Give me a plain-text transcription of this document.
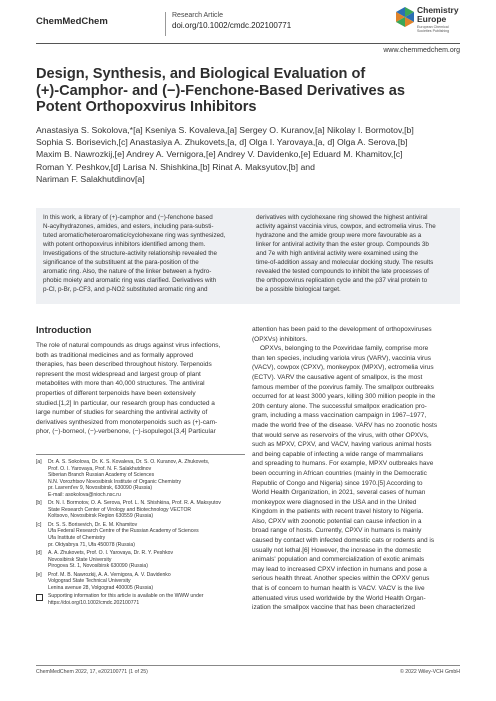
ChemMedChem
Research Article
doi.org/10.1002/cmdc.202100771
Chemistry
Europe
European Chemical
Societies Publishing
www.chemmedchem.org
Design, Synthesis, and Biological Evaluation of
(+)-Camphor- and (−)-Fenchone-Based Derivatives as
Potent Orthopoxvirus Inhibitors
Anastasiya S. Sokolova,*[a] Kseniya S. Kovaleva,[a] Sergey O. Kuranov,[a] Nikolay I. Bormotov,[b]
Sophia S. Borisevich,[c] Anastasiya A. Zhukovets,[a, d] Olga I. Yarovaya,[a, d] Olga A. Serova,[b]
Maxim B. Nawrozkij,[e] Andrey A. Vernigora,[e] Andrey V. Davidenko,[e] Eduard M. Khamitov,[c]
Roman Y. Peshkov,[d] Larisa N. Shishkina,[b] Rinat A. Maksyutov,[b] and
Nariman F. Salakhutdinov[a]
In this work, a library of (+)-camphor and (−)-fenchone based
N-acylhydrazones, amides, and esters, including para-substi-
tuted aromatic/heteroaromatic/cyclohexane ring was synthesized,
with potent orthopoxvirus inhibitors identified among them.
Investigations of the structure-activity relationship revealed the
significance of the substituent at the para-position of the
aromatic ring. Also, the nature of the linker between a hydro-
phobic moiety and aromatic ring was clarified. Derivatives with
p-Cl, p-Br, p-CF3, and p-NO2 substituted aromatic ring and
derivatives with cyclohexane ring showed the highest antiviral
activity against vaccinia virus, cowpox, and ectromelia virus. The
hydrazone and the amide group were more favourable as a
linker for antiviral activity than the ester group. Compounds 3b
and 7e with high antiviral activity were examined using the
time-of-addition assay and molecular docking study. The results
revealed the tested compounds to inhibit the late processes of
the orthopoxvirus replication cycle and the p37 viral protein to
be a possible biological target.
Introduction
The role of natural compounds as drugs against virus infections,
both as traditional medicines and as formally approved
therapies, has been described throughout history. Terpenoids
represent the most widespread and largest group of plant
metabolites with more than 40,000 structures. The antiviral
properties of different terpenoids have been extensively
studied.[1,2] In particular, our research group has conducted a
large number of studies for searching the antiviral activity of
derivatives synthesized from monoterpenoids such as (+)-cam-
phor, (−)-borneol, (−)-verbenone, (−)-isopulegol.[3,4] Particular
attention has been paid to the development of orthopoxviruses
(OPXVs) inhibitors.
OPXVs, belonging to the Poxviridae family, comprise more
than ten species, including variola virus (VARV), vaccinia virus
(VACV), cowpox (CPXV), monkeypox (MPXV), ectromelia virus
(ECTV). VARV the causative agent of smallpox, is the most
famous member of the poxvirus family. The smallpox outbreaks
occurred for at least 3000 years, killing 300 million people in the
20th century alone. The successful smallpox eradication pro-
gram, including a mass vaccination campaign in 1967–1977,
made the world free of the disease. VARV has no zoonotic hosts
that would serve as reservoirs of the virus, with other OPXVs,
such as MPXV, CPXV, and VACV, having various animal hosts
and being capable of infecting a wide range of mammalians
and spreading to humans. For example, MPXV outbreaks have
been occurring in African countries (mainly in the Democratic
Republic of Congo and Nigeria) since 1970.[5] According to
World Health Organization, in 2021, several cases of human
monkeypox were diagnosed in the USA and in the United
Kingdom in the patients with recent travel history to Nigeria.
Also, CPXV with zoonotic potential can cause infection in a
broad range of hosts. Currently, CPXV in humans is mainly
caused by contact with infected domestic cats or rodents and is
usually not lethal.[6] However, the increase in the domestic
animals' population and commercialization of exotic animals
may lead to increased CPXV infection in humans and pose a
serious health threat. Another species within the OPXV genus
that is of concern to human health is VACV. VACV is the live
attenuated virus used worldwide by the World Health Organ-
ization the smallpox vaccine that has been characterized
[a] Dr. A. S. Sokolova, Dr. K. S. Kovaleva, Dr. S. O. Kuranov, A. Zhukovets,
Prof. O. I. Yarovaya, Prof. N. F. Salakhutdinov
Siberian Branch Russian Academy of Sciences
N.N. Vorozhtsov Novosibirsk Institute of Organic Chemistry
pr. Lavrent'ev 9, Novosibirsk, 630090 (Russia)
E-mail: asokolova@nioch.nsc.ru
[b] Dr. N. I. Bormotov, O. A. Serova, Prof. L. N. Shishkina, Prof. R. A. Maksyutov
State Research Center of Virology and Biotechnology VECTOR
Koltsovo, Novosibirsk Region 630559 (Russia)
[c] Dr. S. S. Borisevich, Dr. E. M. Khamitov
Ufa Federal Research Centre of the Russian Academy of Sciences
Ufa Institute of Chemistry
pr. Oktyabrya 71, Ufa 450078 (Russia)
[d] A. A. Zhukovets, Prof. O. I. Yarovaya, Dr. R. Y. Peshkov
Novosibirsk State University
Pirogova St. 1, Novosibirsk 630090 (Russia)
[e] Prof. M. B. Nawrozkij, A. A. Vernigora, A. V. Davidenko
Volgograd State Technical University
Lenina avenue 28, Volgograd 400005 (Russia)
Supporting information for this article is available on the WWW under
https://doi.org/10.1002/cmdc.202100771
ChemMedChem 2022, 17, e202100771 (1 of 25)	© 2022 Wiley-VCH GmbH
